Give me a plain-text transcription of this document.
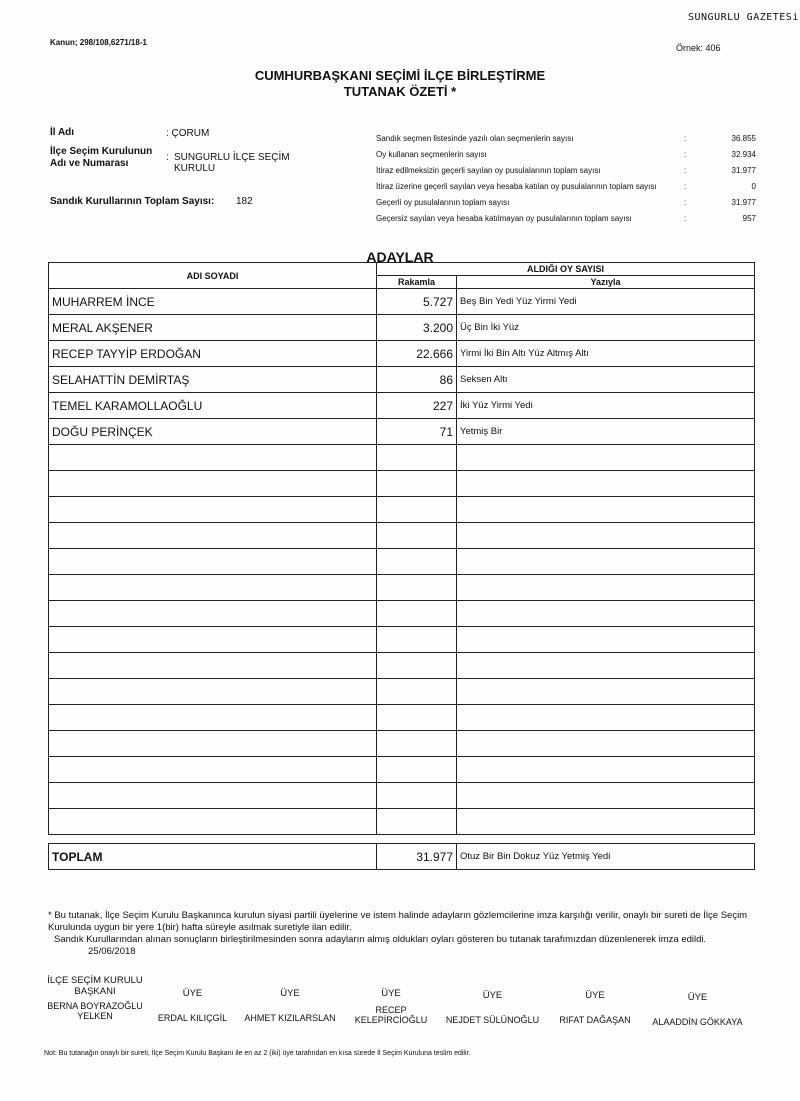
Kanun; 298/108,6271/18-1
SUNGURLU GAZETESi
Örnek: 406
CUMHURBAŞKANI SEÇİMİ İLÇE BİRLEŞTİRME
TUTANAK ÖZETİ *
İl Adı	: ÇORUM
İlçe Seçim Kurulunun
Adı ve Numarası
: SUNGURLU İLÇE SEÇİM
KURULU
Sandık Kurullarının Toplam Sayısı: 182
Sandık seçmen listesinde yazılı olan seçmenlerin sayısı	:	36.855
Oy kullanan seçmenlerin sayısı	:	32.934
İtiraz edilmeksizin geçerli sayılan oy pusulalarının toplam sayısı	:	31.977
İtiraz üzerine geçerli sayılan veya hesaba katılan oy pusulalarının toplam sayısı	:	0
Geçerli oy pusulalarının toplam sayısı	:	31.977
Geçersiz sayılan veya hesaba katılmayan oy pusulalarının toplam sayısı	:	957
ADAYLAR
ADI SOYADI	ALDIĞI OY SAYISI	
	Rakamla	Yazıyla
MUHARREM İNCE	5.727	Beş Bin Yedi Yüz Yirmi Yedi
MERAL AKŞENER	3.200	Üç Bin İki Yüz
RECEP TAYYİP ERDOĞAN	22.666	Yirmi İki Bin Altı Yüz Altmış Altı
SELAHATTİN DEMİRTAŞ	86	Seksen Altı
TEMEL KARAMOLLAOĞLU	227	İki Yüz Yirmi Yedi
DOĞU PERİNÇEK	71	Yetmiş Bir

TOPLAM	31.977	Otuz Bir Bin Dokuz Yüz Yetmiş Yedi
* Bu tutanak, İlçe Seçim Kurulu Başkanınca kurulun siyasi partili üyelerine ve istem halinde adayların gözlemcilerine imza karşılığı verilir, onaylı bir sureti de İlçe Seçim Kurulunda uygun bir yere 1(bir) hafta süreyle asılmak suretiyle ilan edilir.
Sandık Kurullarından alınan sonuçların birleştirilmesinden sonra adayların almış oldukları oyları gösteren bu tutanak tarafımızdan düzenlenerek imza edildi.
25/06/2018
İLÇE SEÇİM KURULU BAŞKANI
BERNA BOYRAZOĞLU YELKEN
ÜYE
ERDAL KILIÇGİL
ÜYE
AHMET KIZILARSLAN
ÜYE
RECEP KELEPİRCİOĞLU
ÜYE
NEJDET SÜLÜNOĞLU
ÜYE
RIFAT DAĞAŞAN
ÜYE
ALAADDİN GÖKKAYA
Not: Bu tutanağın onaylı bir sureti, İlçe Seçim Kurulu Başkanı ile en az 2 (iki) üye tarafından en kısa sürede İl Seçim Kuruluna teslim edilir.
